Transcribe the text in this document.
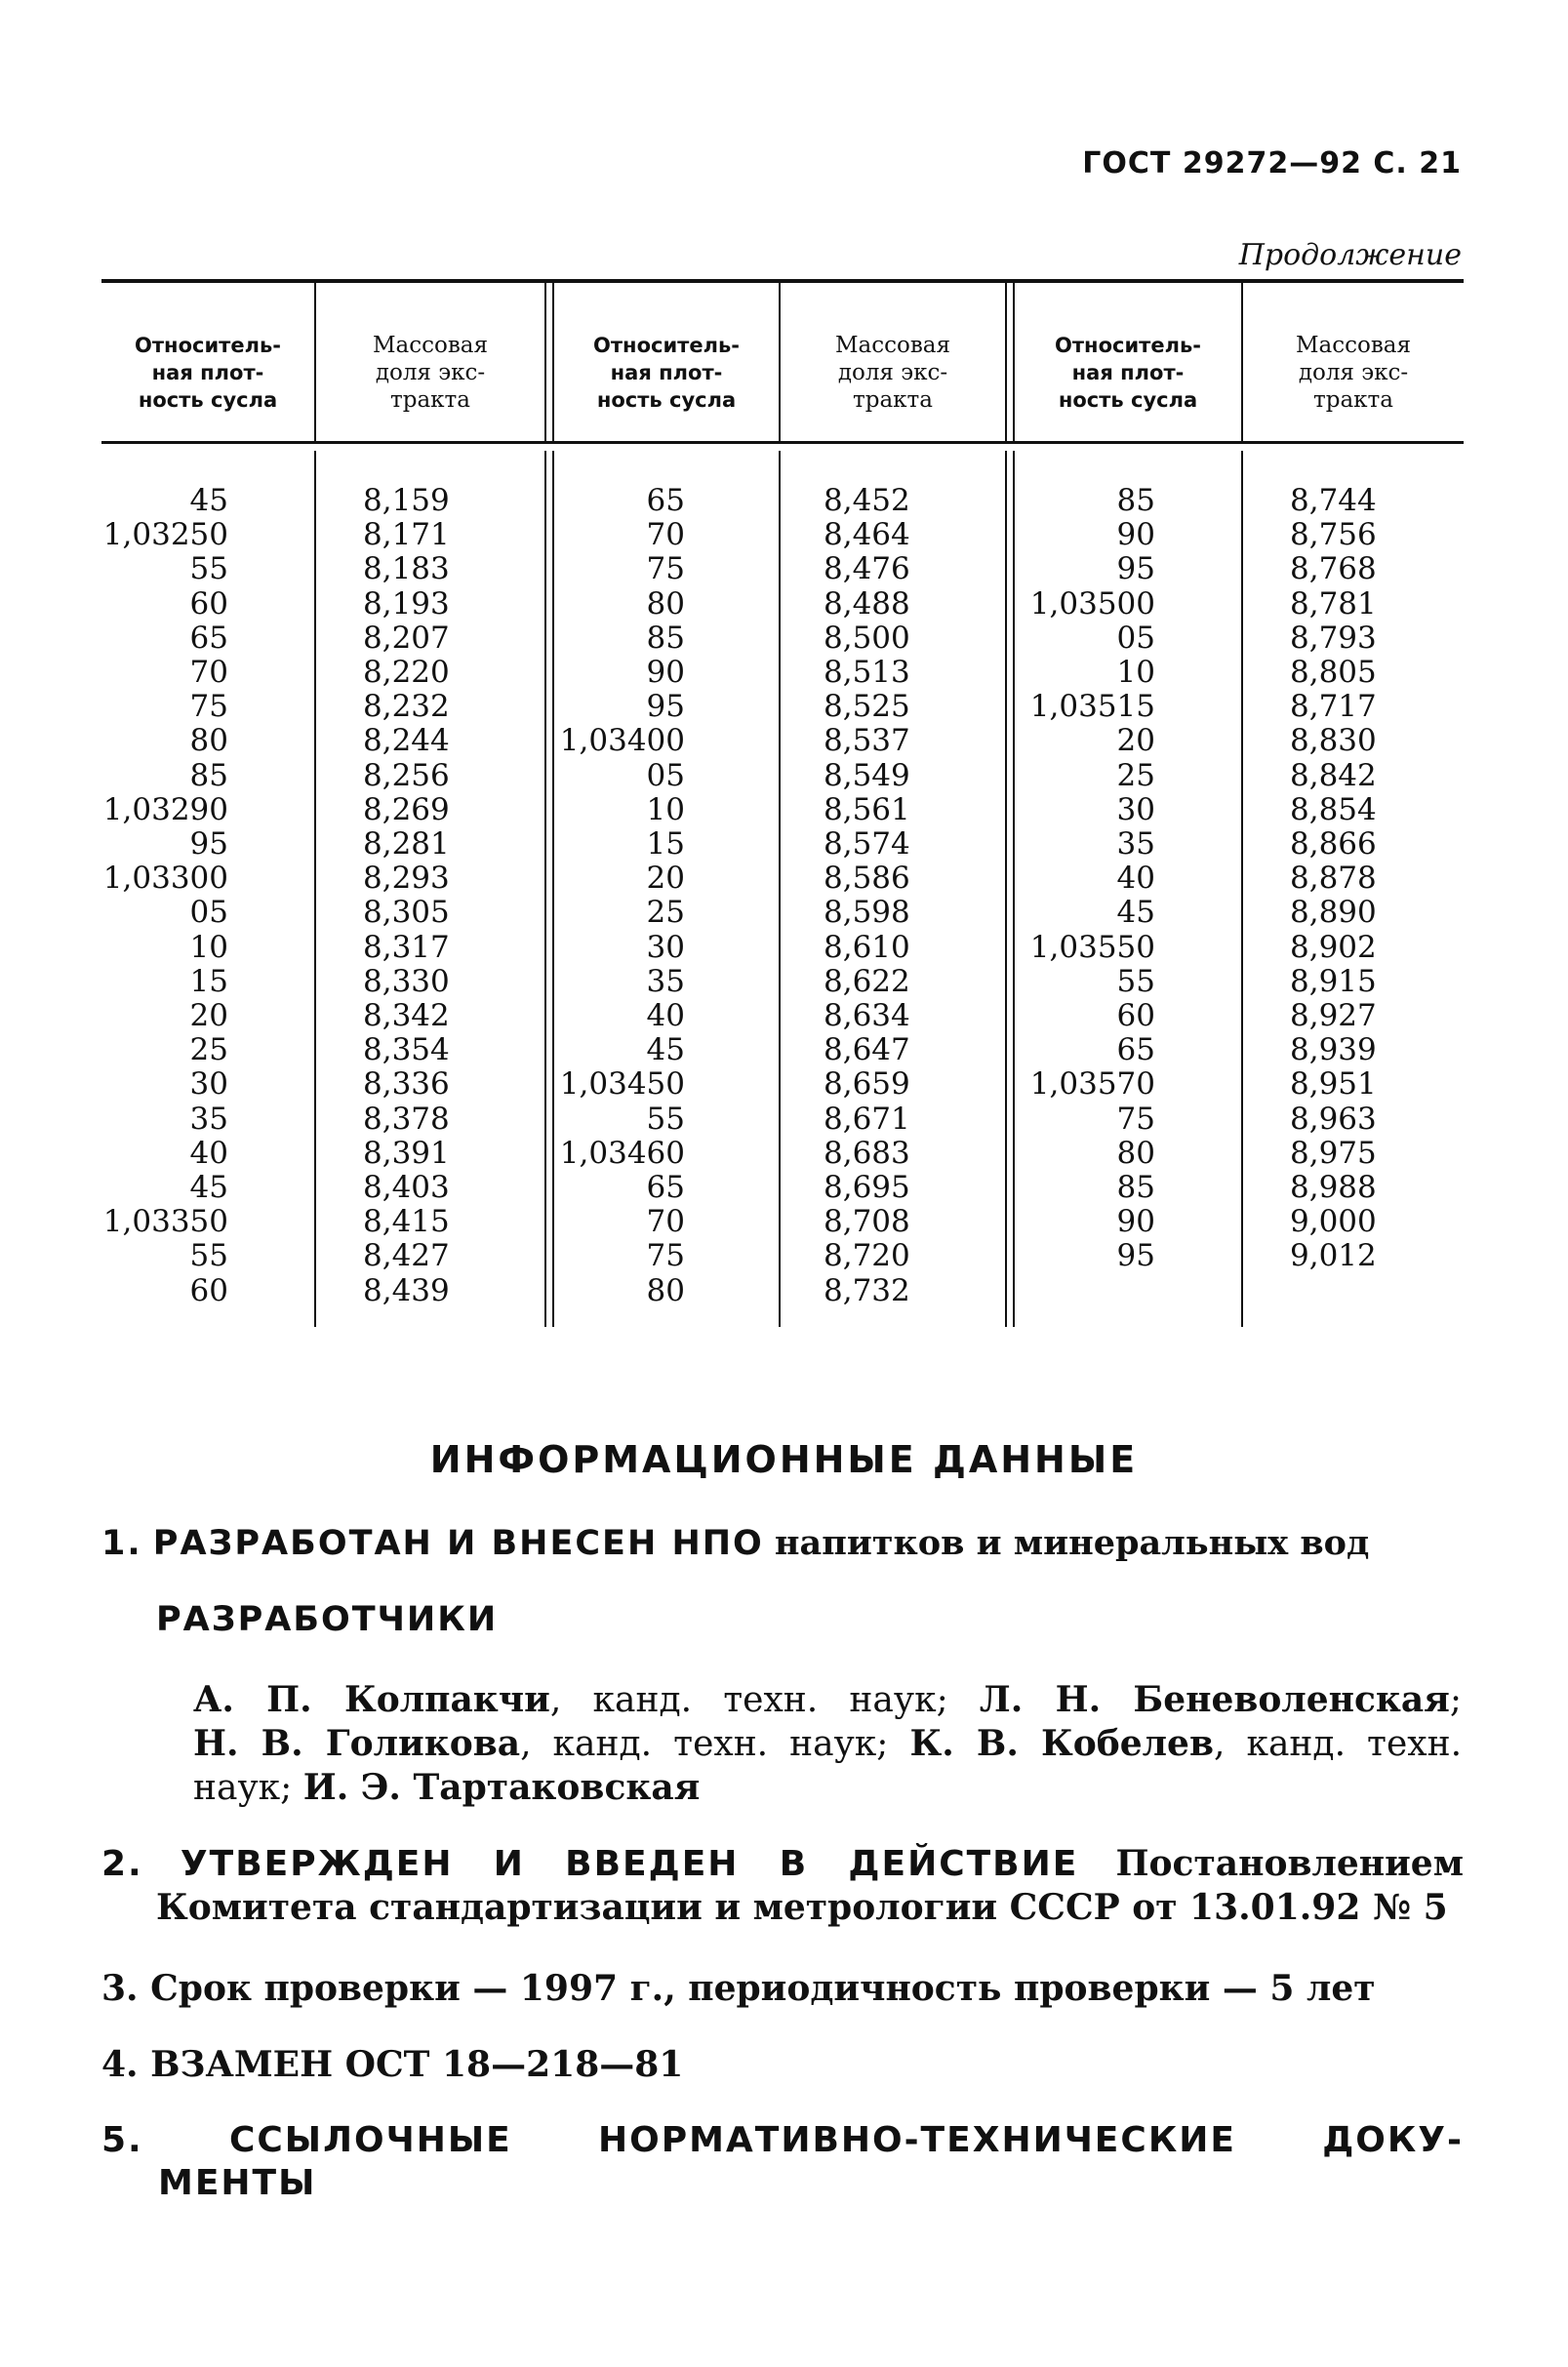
ГОСТ 29272—92 С. 21
Продолжение
Относитель-
ная плот-
ность сусла
Массовая
доля экс-
тракта
Относитель-
ная плот-
ность сусла
Массовая
доля экс-
тракта
Относитель-
ная плот-
ность сусла
Массовая
доля экс-
тракта
45
1,03250
55
60
65
70
75
80
85
1,03290
95
1,03300
05
10
15
20
25
30
35
40
45
1,03350
55
60
8,159
8,171
8,183
8,193
8,207
8,220
8,232
8,244
8,256
8,269
8,281
8,293
8,305
8,317
8,330
8,342
8,354
8,336
8,378
8,391
8,403
8,415
8,427
8,439
65
70
75
80
85
90
95
1,03400
05
10
15
20
25
30
35
40
45
1,03450
55
1,03460
65
70
75
80
8,452
8,464
8,476
8,488
8,500
8,513
8,525
8,537
8,549
8,561
8,574
8,586
8,598
8,610
8,622
8,634
8,647
8,659
8,671
8,683
8,695
8,708
8,720
8,732
85
90
95
1,03500
05
10
1,03515
20
25
30
35
40
45
1,03550
55
60
65
1,03570
75
80
85
90
95
8,744
8,756
8,768
8,781
8,793
8,805
8,717
8,830
8,842
8,854
8,866
8,878
8,890
8,902
8,915
8,927
8,939
8,951
8,963
8,975
8,988
9,000
9,012
ИНФОРМАЦИОННЫЕ ДАННЫЕ
1. РАЗРАБОТАН И ВНЕСЕН НПО напитков и минеральных вод
РАЗРАБОТЧИКИ
А. П. Колпакчи, канд. техн. наук; Л. Н. Беневоленская;
Н. В. Голикова, канд. техн. наук; К. В. Кобелев, канд. техн.
наук; И. Э. Тартаковская
2. УТВЕРЖДЕН И ВВЕДЕН В ДЕЙСТВИЕ Постановлением
Комитета стандартизации и метрологии СССР от 13.01.92 № 5
3. Срок проверки — 1997 г., периодичность проверки — 5 лет
4. ВЗАМЕН ОСТ 18—218—81
5. ССЫЛОЧНЫЕ НОРМАТИВНО-ТЕХНИЧЕСКИЕ ДОКУ-
МЕНТЫ
